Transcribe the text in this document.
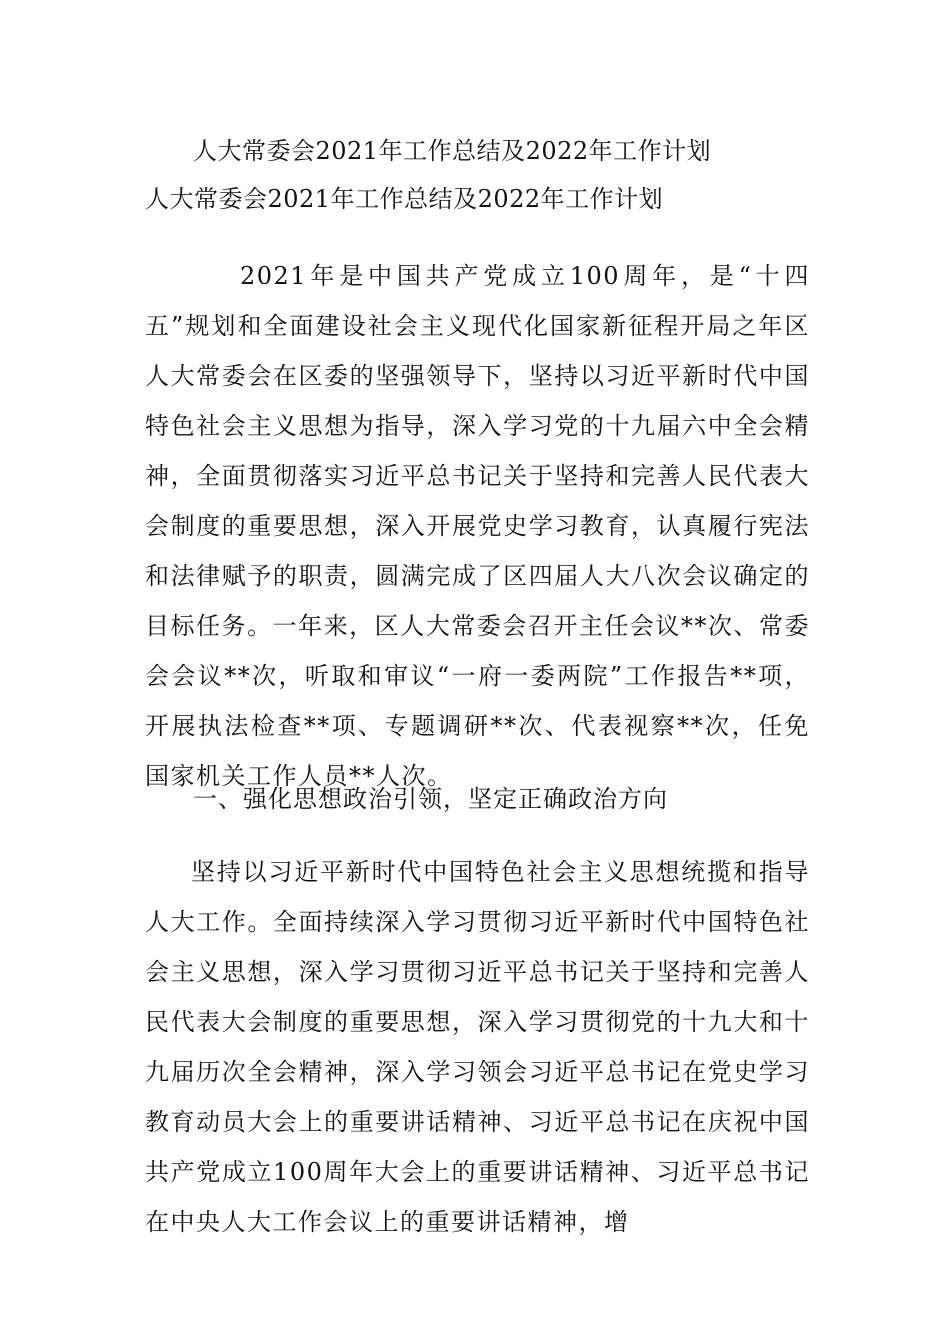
人大常委会2021年工作总结及2022年工作计划
人大常委会2021年工作总结及2022年工作计划

2021年是中国共产党成立100周年，是“十四五”规划和全面建设社会主义现代化国家新征程开局之年区人大常委会在区委的坚强领导下，坚持以习近平新时代中国特色社会主义思想为指导，深入学习党的十九届六中全会精神，全面贯彻落实习近平总书记关于坚持和完善人民代表大会制度的重要思想，深入开展党史学习教育，认真履行宪法和法律赋予的职责，圆满完成了区四届人大八次会议确定的目标任务。一年来，区人大常委会召开主任会议**次、常委会会议**次，听取和审议“一府一委两院”工作报告**项，开展执法检查**项、专题调研**次、代表视察**次，任免国家机关工作人员**人次。

一、强化思想政治引领，坚定正确政治方向

坚持以习近平新时代中国特色社会主义思想统揽和指导人大工作。全面持续深入学习贯彻习近平新时代中国特色社会主义思想，深入学习贯彻习近平总书记关于坚持和完善人民代表大会制度的重要思想，深入学习贯彻党的十九大和十九届历次全会精神，深入学习领会习近平总书记在党史学习教育动员大会上的重要讲话精神、习近平总书记在庆祝中国共产党成立100周年大会上的重要讲话精神、习近平总书记在中央人大工作会议上的重要讲话精神，增
